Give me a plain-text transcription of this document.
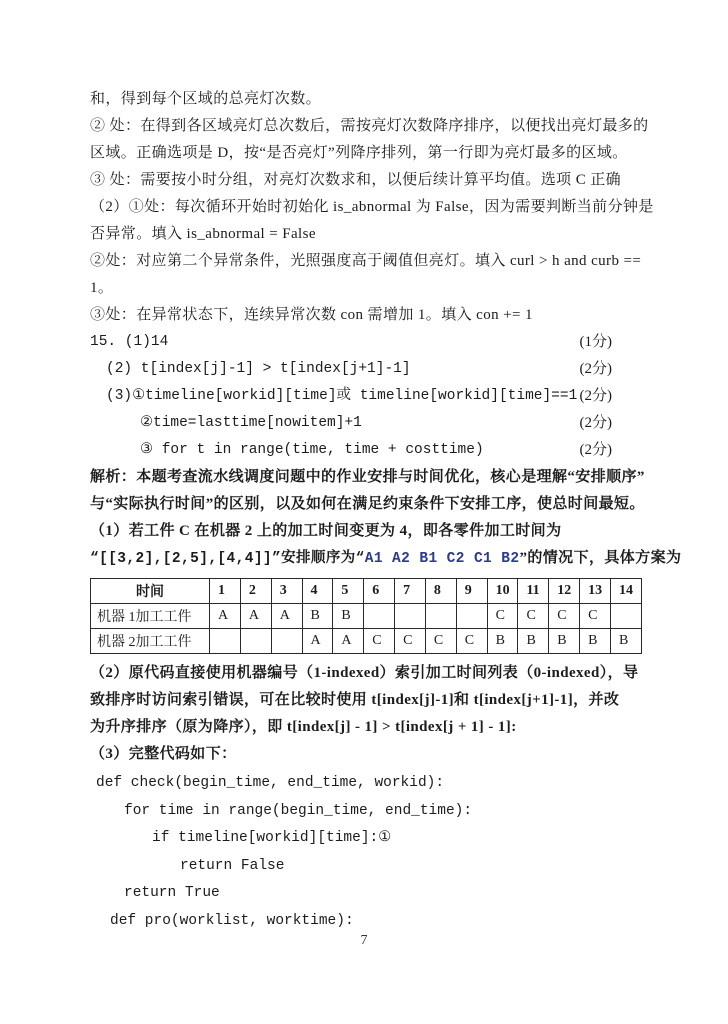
和，得到每个区域的总亮灯次数。
② 处：在得到各区域亮灯总次数后，需按亮灯次数降序排序，以便找出亮灯最多的
区域。正确选项是 D，按“是否亮灯”列降序排列，第一行即为亮灯最多的区域。
③ 处：需要按小时分组，对亮灯次数求和，以便后续计算平均值。选项 C 正确
（2）①处：每次循环开始时初始化 is_abnormal 为 False，因为需要判断当前分钟是
否异常。填入 is_abnormal = False
②处：对应第二个异常条件，光照强度高于阈值但亮灯。填入 curl > h and curb ==
1。
③处：在异常状态下，连续异常次数 con 需增加 1。填入 con += 1
15. (1)14	(1分)
(2) t[index[j]-1] > t[index[j+1]-1]	(2分)
(3)①timeline[workid][time]或 timeline[workid][time]==1 (2分)
②time=lasttime[nowitem]+1	(2分)
③ for t in range(time, time + costtime)	(2分)
解析：本题考查流水线调度问题中的作业安排与时间优化，核心是理解“安排顺序”
与“实际执行时间”的区别，以及如何在满足约束条件下安排工序，使总时间最短。
（1）若工件 C 在机器 2 上的加工时间变更为 4，即各零件加工时间为
“[[3,2],[2,5],[4,4]]”安排顺序为“A1 A2 B1 C2 C1 B2”的情况下，具体方案为
时间	1	2	3	4	5	6	7	8	9	10	11	12	13	14
机器 1加工工件	A	A	A	B	B					C	C	C	C	
机器 2加工工件				A	A	C	C	C	C	B	B	B	B	B
（2）原代码直接使用机器编号（1-indexed）索引加工时间列表（0-indexed），导
致排序时访问索引错误，可在比较时使用 t[index[j]-1]和 t[index[j+1]-1]，并改
为升序排序（原为降序），即 t[index[j] - 1] > t[index[j + 1] - 1]:
（3）完整代码如下：
def check(begin_time, end_time, workid):
for time in range(begin_time, end_time):
if timeline[workid][time]:①
return False
return True
def pro(worklist, worktime):
7
